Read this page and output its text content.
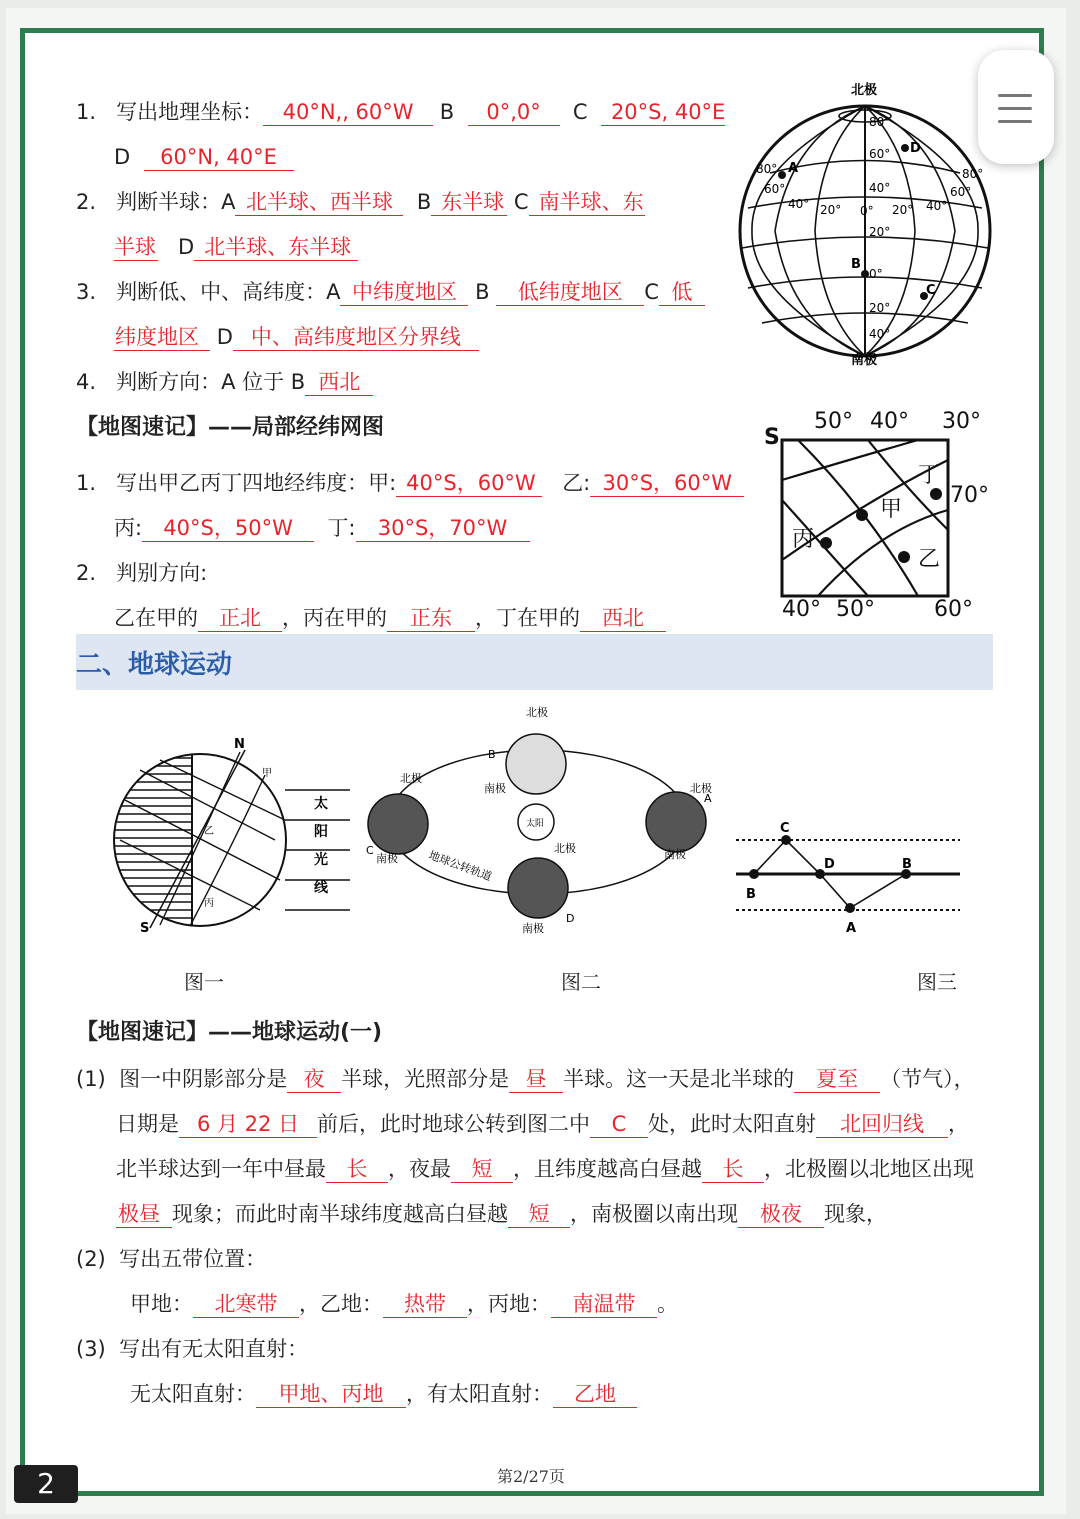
1. 写出地理坐标： 40°N,, 60°W B 0°,0° C 20°S, 40°E
D 60°N, 40°E
2. 判断半球：A 北半球、西半球 B 东半球 C 南半球、东
半球 D 北半球、东半球
3. 判断低、中、高纬度：A 中纬度地区 B 低纬度地区 C 低
纬度地区 D 中、高纬度地区分界线
4. 判断方向：A 位于 B 西北
北极
南极
80°
60°
40°
20°
0°
20°
40°
80°
60°
40° 20° 0° 20° 40°
60°
80°
A
B
C
D
【地图速记】——局部经纬网图
1. 写出甲乙丙丁四地经纬度：甲: 40°S，60°W 乙: 30°S，60°W
丙: 40°S，50°W 丁: 30°S，70°W
2. 判别方向:
乙在甲的 正北 ，丙在甲的 正东 ，丁在甲的 西北
50° 40° 30°
40° 50°	60°
70°
S
甲
乙
丙
丁
二、地球运动
N
S
甲
乙
丙
太
阳
光
线
太阳
北极
北极
北极
北极
南极
南极	南极
南极
地球公转轨道
A
B
C
D
C
D	B
B
A
图一	图二	图三
【地图速记】——地球运动(一)
(1) 图一中阴影部分是 夜 半球，光照部分是 昼 半球。这一天是北半球的 夏至 （节气），
日期是 6 月 22 日 前后，此时地球公转到图二中 C 处，此时太阳直射 北回归线 ，
北半球达到一年中昼最 长 ，夜最 短 ，且纬度越高白昼越 长 ，北极圈以北地区出现
极昼 现象；而此时南半球纬度越高白昼越 短 ，南极圈以南出现 极夜 现象，
(2) 写出五带位置：
甲地： 北寒带 ，乙地： 热带 ，丙地： 南温带 。
(3) 写出有无太阳直射：
无太阳直射： 甲地、丙地 ，有太阳直射： 乙地
第2/27页
2
